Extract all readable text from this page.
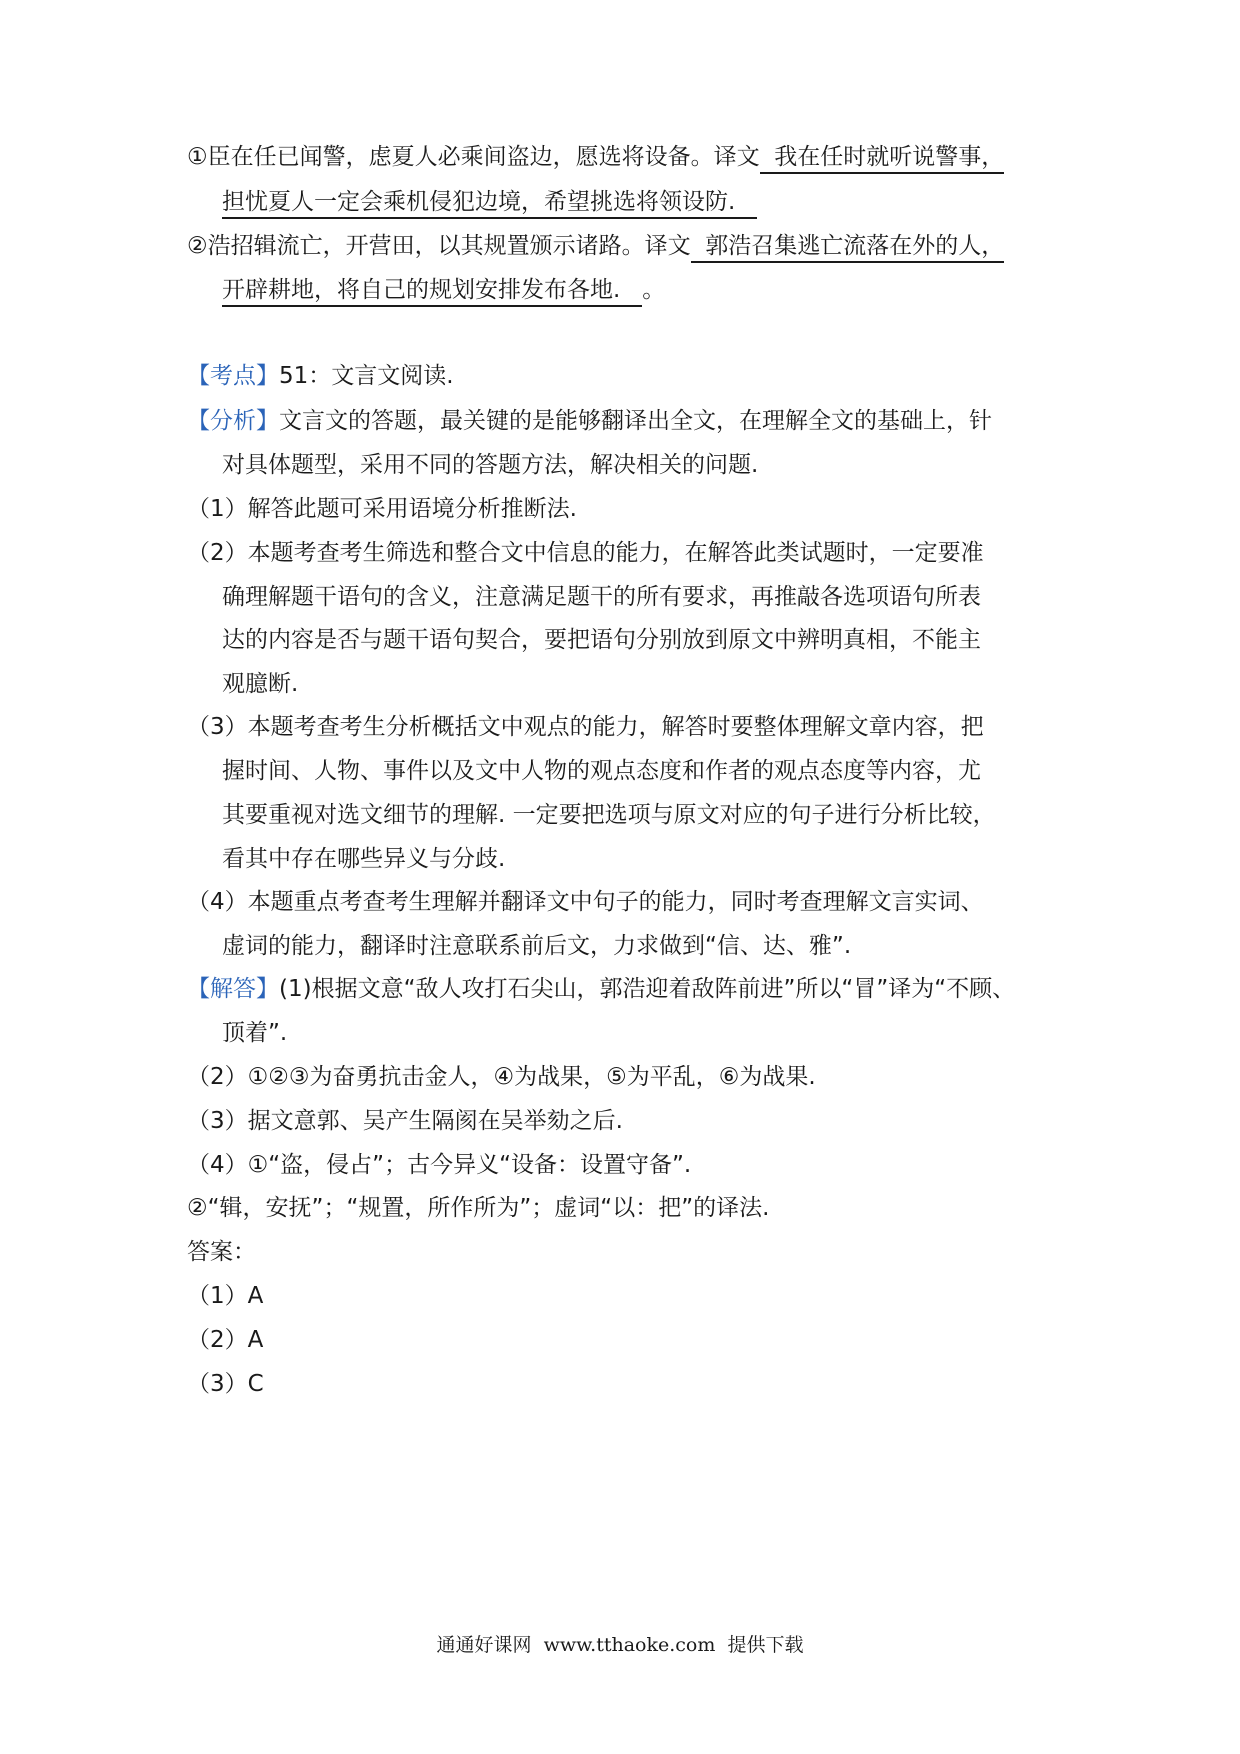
①臣在任已闻警，虑夏人必乘间盗边，愿选将设备。译文  我在任时就听说警事，
担忧夏人一定会乘机侵犯边境，希望挑选将领设防.
②浩招辑流亡，开营田，以其规置颁示诸路。译文  郭浩召集逃亡流落在外的人，
开辟耕地，将自己的规划安排发布各地.   。
【考点】51：文言文阅读.
【分析】文言文的答题，最关键的是能够翻译出全文，在理解全文的基础上，针
对具体题型，采用不同的答题方法，解决相关的问题.
（1）解答此题可采用语境分析推断法.
（2）本题考查考生筛选和整合文中信息的能力，在解答此类试题时，一定要准
确理解题干语句的含义，注意满足题干的所有要求，再推敲各选项语句所表
达的内容是否与题干语句契合，要把语句分别放到原文中辨明真相，不能主
观臆断.
（3）本题考查考生分析概括文中观点的能力，解答时要整体理解文章内容，把
握时间、人物、事件以及文中人物的观点态度和作者的观点态度等内容，尤
其要重视对选文细节的理解. 一定要把选项与原文对应的句子进行分析比较，
看其中存在哪些异义与分歧.
（4）本题重点考查考生理解并翻译文中句子的能力，同时考查理解文言实词、
虚词的能力，翻译时注意联系前后文，力求做到“信、达、雅”.
【解答】(1)根据文意“敌人攻打石尖山，郭浩迎着敌阵前进”所以“冒”译为“不顾、
顶着”.
（2）①②③为奋勇抗击金人，④为战果，⑤为平乱，⑥为战果.
（3）据文意郭、吴产生隔阂在吴举劾之后.
（4）①“盗，侵占”；古今异义“设备：设置守备”.
②“辑，安抚”；“规置，所作所为”；虚词“以：把”的译法.
答案：
（1）A
（2）A
（3）C
通通好课网  www.tthaoke.com  提供下载
